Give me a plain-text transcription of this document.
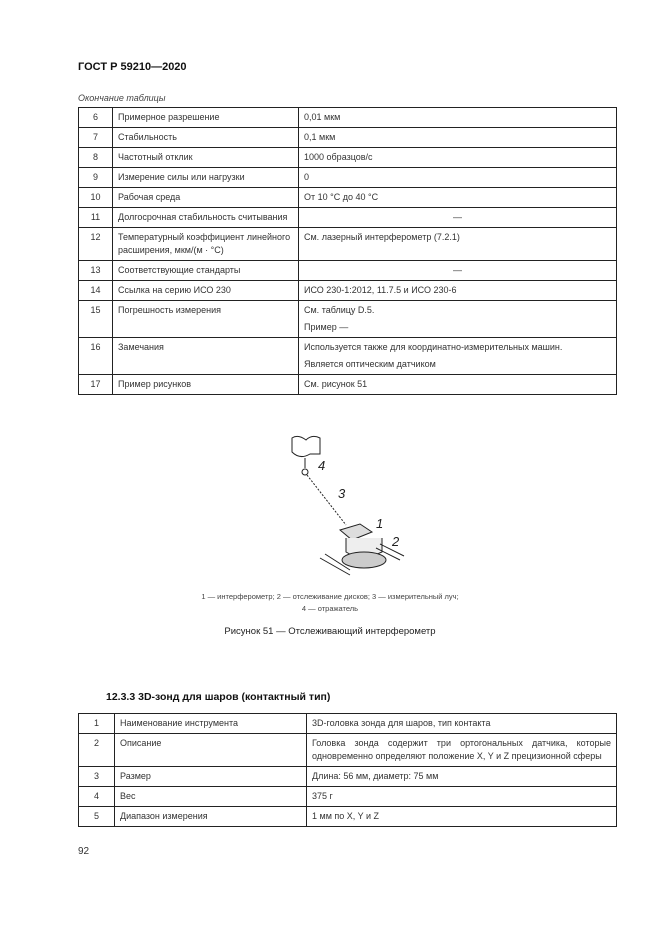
ГОСТ Р 59210—2020
Окончание таблицы
6	Примерное разрешение	0,01 мкм

7	Стабильность	0,1 мкм

8	Частотный отклик	1000 образцов/с

9	Измерение силы или нагрузки	0

10	Рабочая среда	От 10 °С до 40 °С

11	Долгосрочная стабильность считывания	—

12	Температурный коэффициент линейного расширения, мкм/(м · °С)	См. лазерный интерферометр (7.2.1)

13	Соответствующие стандарты	—

14	Ссылка на серию ИСО 230	ИСО 230-1:2012, 11.7.5 и ИСО 230-6

15	Погрешность измерения	См. таблицу D.5.

Пример —

16	Замечания	Используется также для координатно-измерительных машин.

Является оптическим датчиком

17	Пример рисунков	См. рисунок 51

1
2
3
4
1 — интерферометр; 2 — отслеживание дисков; 3 — измерительный луч;
4 — отражатель
Рисунок 51 — Отслеживающий интерферометр
12.3.3 3D-зонд для шаров (контактный тип)
1	Наименование инструмента	3D-головка зонда для шаров, тип контакта
2	Описание	Головка зонда содержит три ортогональных датчика, которые одновременно определяют положение X, Y и Z прецизионной сферы
3	Размер	Длина: 56 мм, диаметр: 75 мм
4	Вес	375 г
5	Диапазон измерения	1 мм по X, Y и Z
92
